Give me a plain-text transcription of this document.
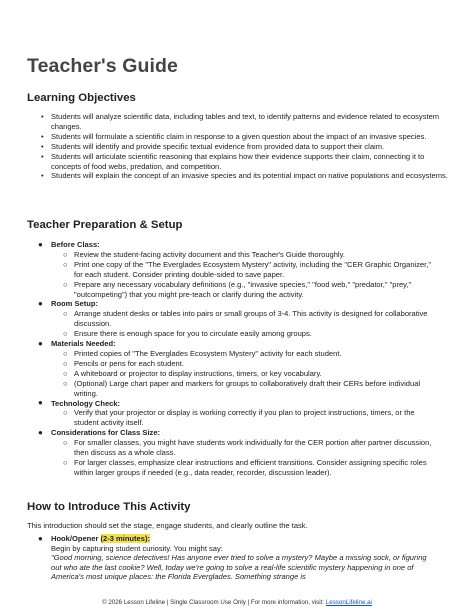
Teacher's Guide
Learning Objectives
• Students will analyze scientific data, including tables and text, to identify patterns and evidence related to ecosystem changes.
• Students will formulate a scientific claim in response to a given question about the impact of an invasive species.
• Students will identify and provide specific textual evidence from provided data to support their claim.
• Students will articulate scientific reasoning that explains how their evidence supports their claim, connecting it to concepts of food webs, predation, and competition.
• Students will explain the concept of an invasive species and its potential impact on native populations and ecosystems.
Teacher Preparation & Setup
● Before Class:
○ Review the student-facing activity document and this Teacher's Guide thoroughly.
○ Print one copy of the "The Everglades Ecosystem Mystery" activity, including the "CER Graphic Organizer," for each student. Consider printing double-sided to save paper.
○ Prepare any necessary vocabulary definitions (e.g., "invasive species," "food web," "predator," "prey," "outcompeting") that you might pre-teach or clarify during the activity.
● Room Setup:
○ Arrange student desks or tables into pairs or small groups of 3-4. This activity is designed for collaborative discussion.
○ Ensure there is enough space for you to circulate easily among groups.
● Materials Needed:
○ Printed copies of "The Everglades Ecosystem Mystery" activity for each student.
○ Pencils or pens for each student.
○ A whiteboard or projector to display instructions, timers, or key vocabulary.
○ (Optional) Large chart paper and markers for groups to collaboratively draft their CERs before individual writing.
● Technology Check:
○ Verify that your projector or display is working correctly if you plan to project instructions, timers, or the student activity itself.
● Considerations for Class Size:
○ For smaller classes, you might have students work individually for the CER portion after partner discussion, then discuss as a whole class.
○ For larger classes, emphasize clear instructions and efficient transitions. Consider assigning specific roles within larger groups if needed (e.g., data reader, recorder, discussion leader).
How to Introduce This Activity

This introduction should set the stage, engage students, and clearly outline the task.

● Hook/Opener (2-3 minutes):
Begin by capturing student curiosity. You might say:
"Good morning, science detectives! Has anyone ever tried to solve a mystery? Maybe a missing sock, or figuring out who ate the last cookie? Well, today we're going to solve a real-life scientific mystery happening in one of America's most unique places: the Florida Everglades. Something strange is
© 2026 Lesson Lifeline | Single Classroom Use Only | For more information, visit: LessonLifeline.ai
